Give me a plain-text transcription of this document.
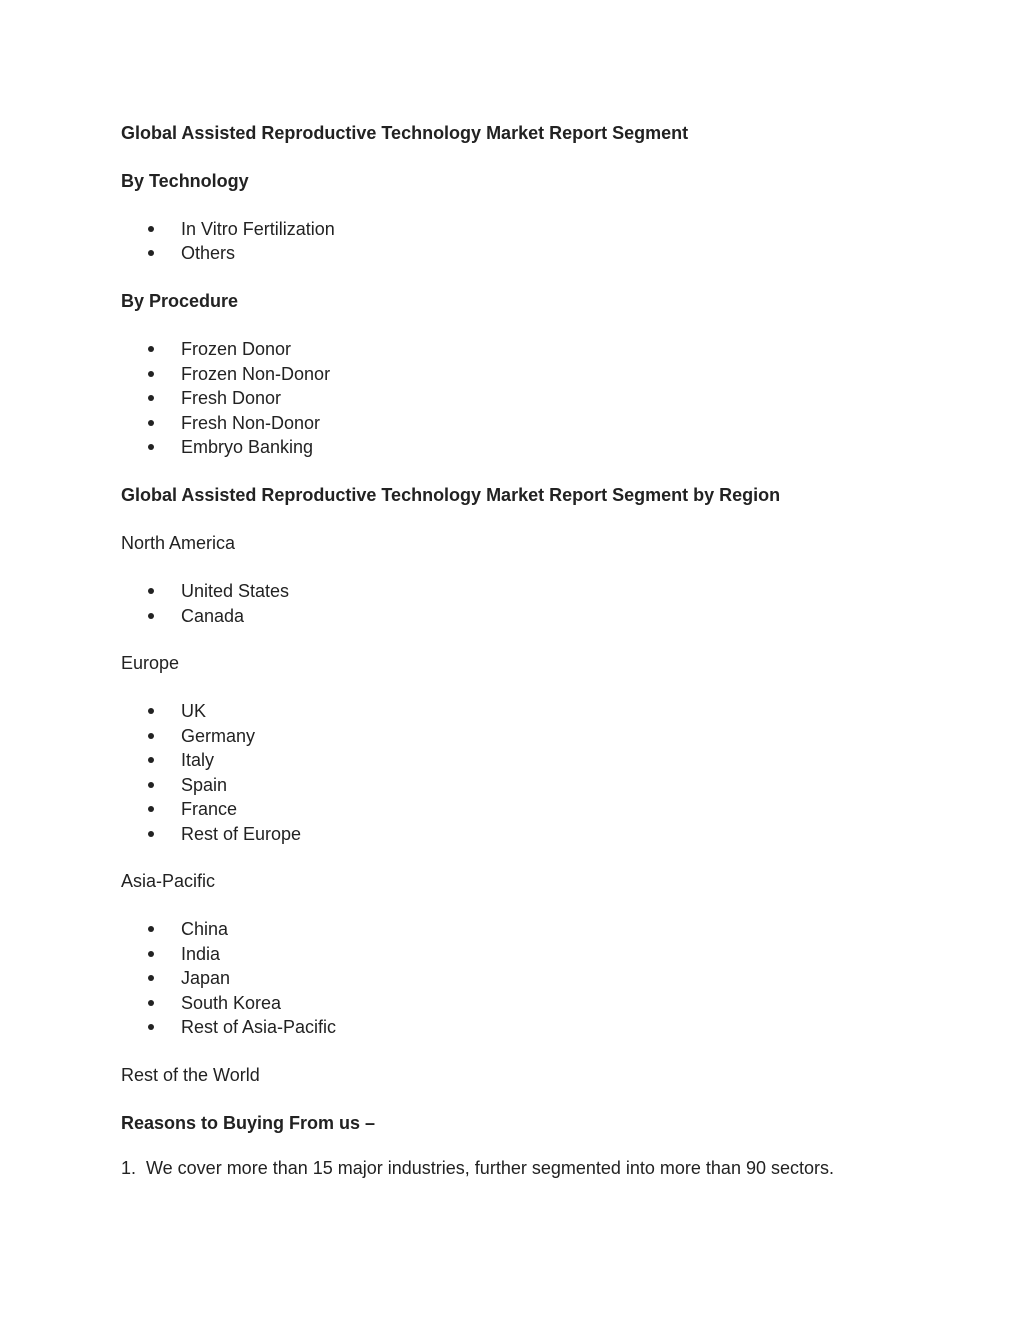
Global Assisted Reproductive Technology Market Report Segment
By Technology
In Vitro Fertilization
Others
By Procedure
Frozen Donor
Frozen Non-Donor
Fresh Donor
Fresh Non-Donor
Embryo Banking
Global Assisted Reproductive Technology Market Report Segment by Region
North America
United States
Canada
Europe
UK
Germany
Italy
Spain
France
Rest of Europe
Asia-Pacific
China
India
Japan
South Korea
Rest of Asia-Pacific
Rest of the World
Reasons to Buying From us –
1. We cover more than 15 major industries, further segmented into more than 90 sectors.
